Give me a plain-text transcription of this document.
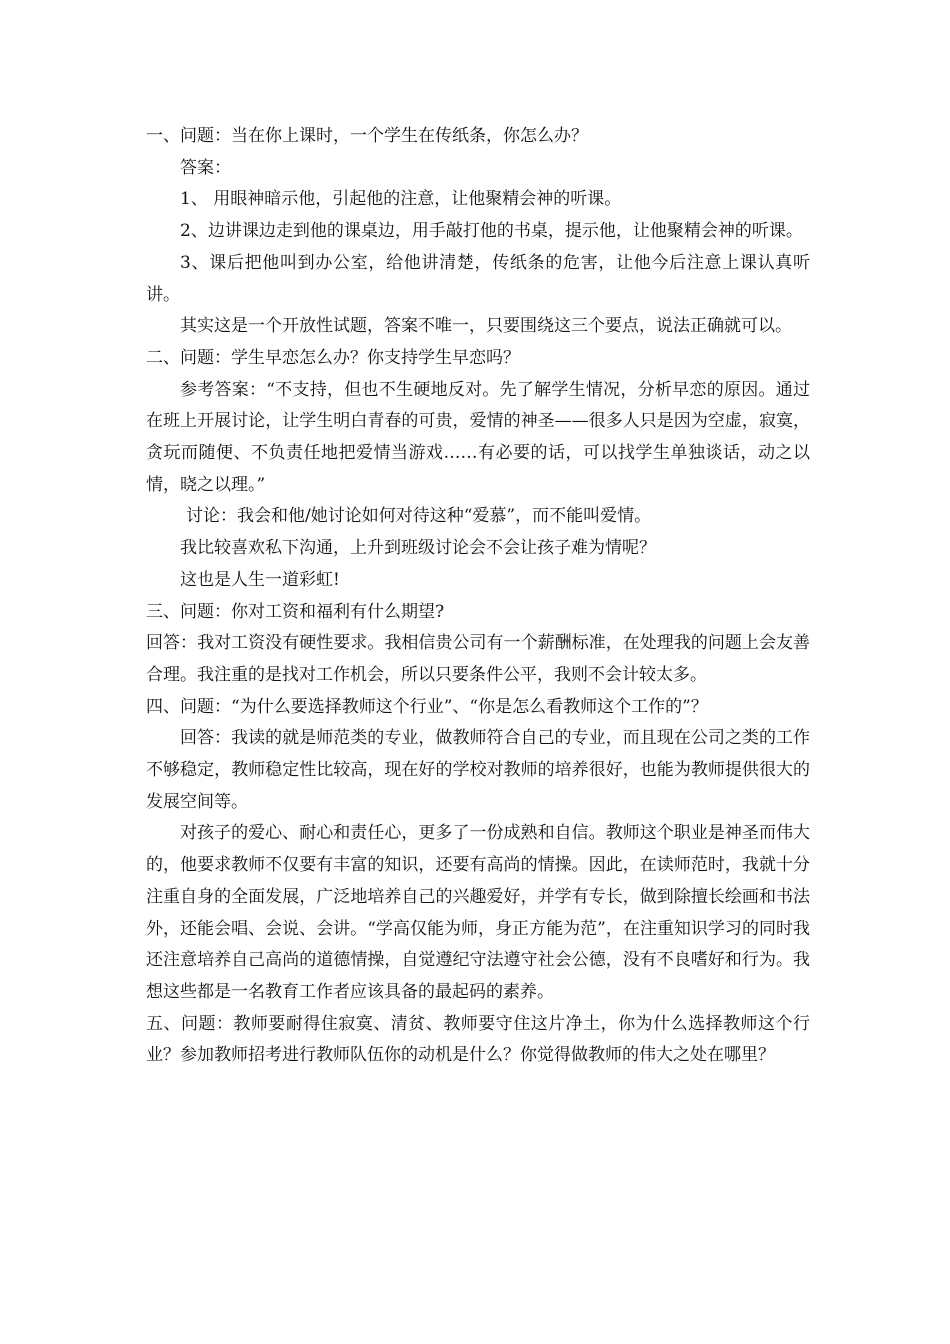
一、问题：当在你上课时，一个学生在传纸条，你怎么办？

答案：

1、 用眼神暗示他，引起他的注意，让他聚精会神的听课。

2、边讲课边走到他的课桌边，用手敲打他的书桌，提示他，让他聚精会神的听课。

3、课后把他叫到办公室，给他讲清楚，传纸条的危害，让他今后注意上课认真听讲。

其实这是一个开放性试题，答案不唯一，只要围绕这三个要点，说法正确就可以。

二、问题：学生早恋怎么办？你支持学生早恋吗？

参考答案：“不支持，但也不生硬地反对。先了解学生情况，分析早恋的原因。通过在班上开展讨论，让学生明白青春的可贵，爱情的神圣——很多人只是因为空虚，寂寞，贪玩而随便、不负责任地把爱情当游戏……有必要的话，可以找学生单独谈话，动之以情，晓之以理。”

讨论：我会和他/她讨论如何对待这种“爱慕”，而不能叫爱情。

我比较喜欢私下沟通，上升到班级讨论会不会让孩子难为情呢？

这也是人生一道彩虹!

三、问题：你对工资和福利有什么期望?

回答：我对工资没有硬性要求。我相信贵公司有一个薪酬标准，在处理我的问题上会友善合理。我注重的是找对工作机会，所以只要条件公平，我则不会计较太多。

四、问题：“为什么要选择教师这个行业”、“你是怎么看教师这个工作的”？

回答：我读的就是师范类的专业，做教师符合自己的专业，而且现在公司之类的工作不够稳定，教师稳定性比较高，现在好的学校对教师的培养很好，也能为教师提供很大的发展空间等。

对孩子的爱心、耐心和责任心，更多了一份成熟和自信。教师这个职业是神圣而伟大的，他要求教师不仅要有丰富的知识，还要有高尚的情操。因此，在读师范时，我就十分注重自身的全面发展，广泛地培养自己的兴趣爱好，并学有专长，做到除擅长绘画和书法外，还能会唱、会说、会讲。“学高仅能为师，身正方能为范”，在注重知识学习的同时我还注意培养自己高尚的道德情操，自觉遵纪守法遵守社会公德，没有不良嗜好和行为。我想这些都是一名教育工作者应该具备的最起码的素养。

五、问题：教师要耐得住寂寞、清贫、教师要守住这片净土，你为什么选择教师这个行业？参加教师招考进行教师队伍你的动机是什么？你觉得做教师的伟大之处在哪里？
